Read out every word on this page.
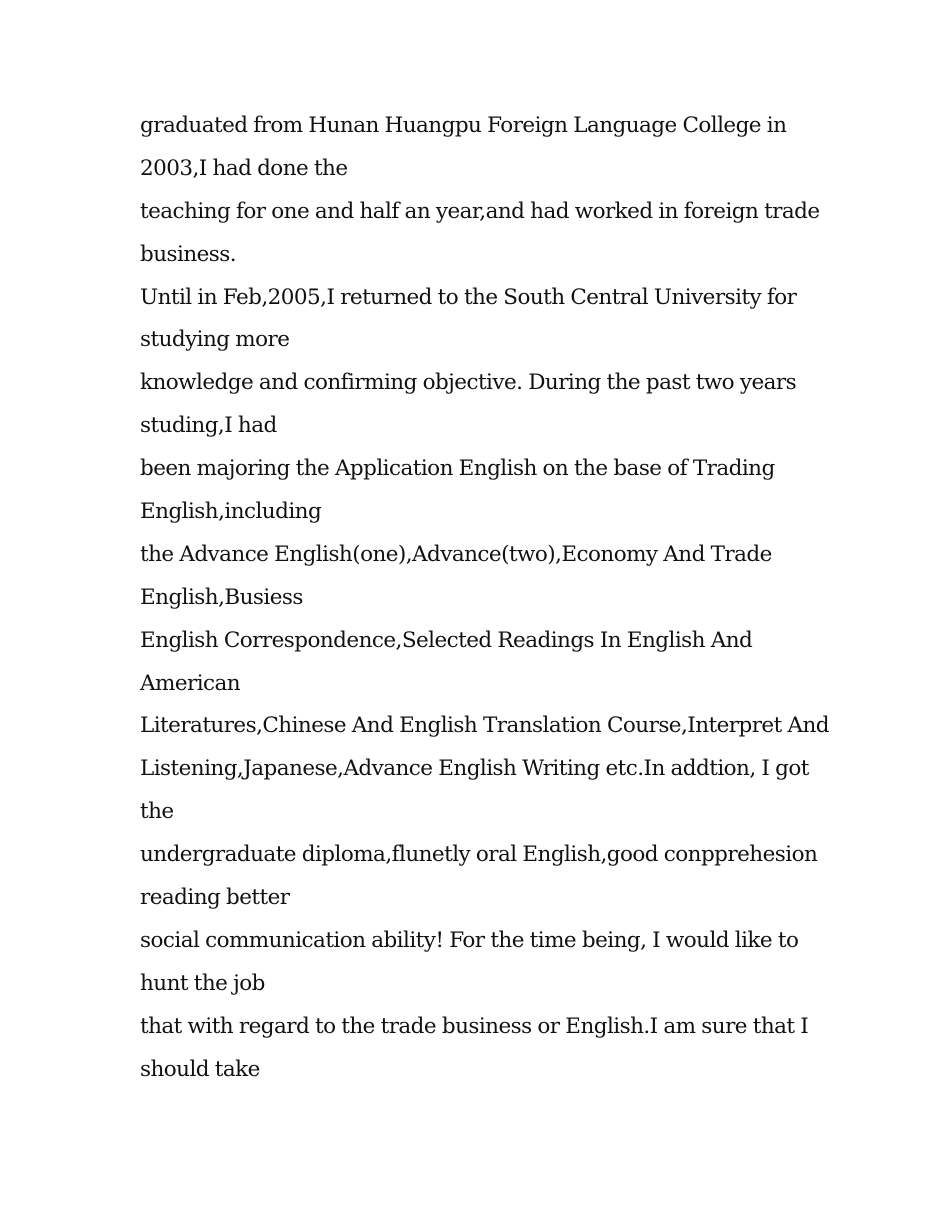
graduated from Hunan Huangpu Foreign Language College in
2003,I had done the
teaching for one and half an year,and had worked in foreign trade
business.
Until in Feb,2005,I returned to the South Central University for
studying more
knowledge and confirming objective. During the past two years
studing,I had
been majoring the Application English on the base of Trading
English,including
the Advance English(one),Advance(two),Economy And Trade
English,Busiess
English Correspondence,Selected Readings In English And
American
Literatures,Chinese And English Translation Course,Interpret And
Listening,Japanese,Advance English Writing etc.In addtion, I got
the
undergraduate diploma,flunetly oral English,good conpprehesion
reading better
social communication ability! For the time being, I would like to
hunt the job
that with regard to the trade business or English.I am sure that I
should take
